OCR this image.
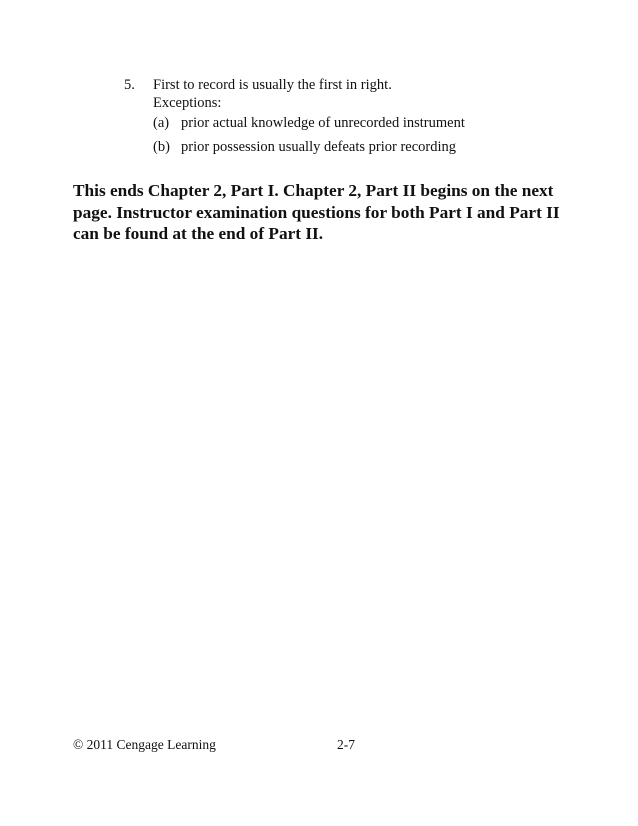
5. First to record is usually the first in right.
Exceptions:
(a) prior actual knowledge of unrecorded instrument
(b) prior possession usually defeats prior recording
This ends Chapter 2, Part I. Chapter 2, Part II begins on the next
page. Instructor examination questions for both Part I and Part II
can be found at the end of Part II.
© 2011 Cengage Learning	2-7
